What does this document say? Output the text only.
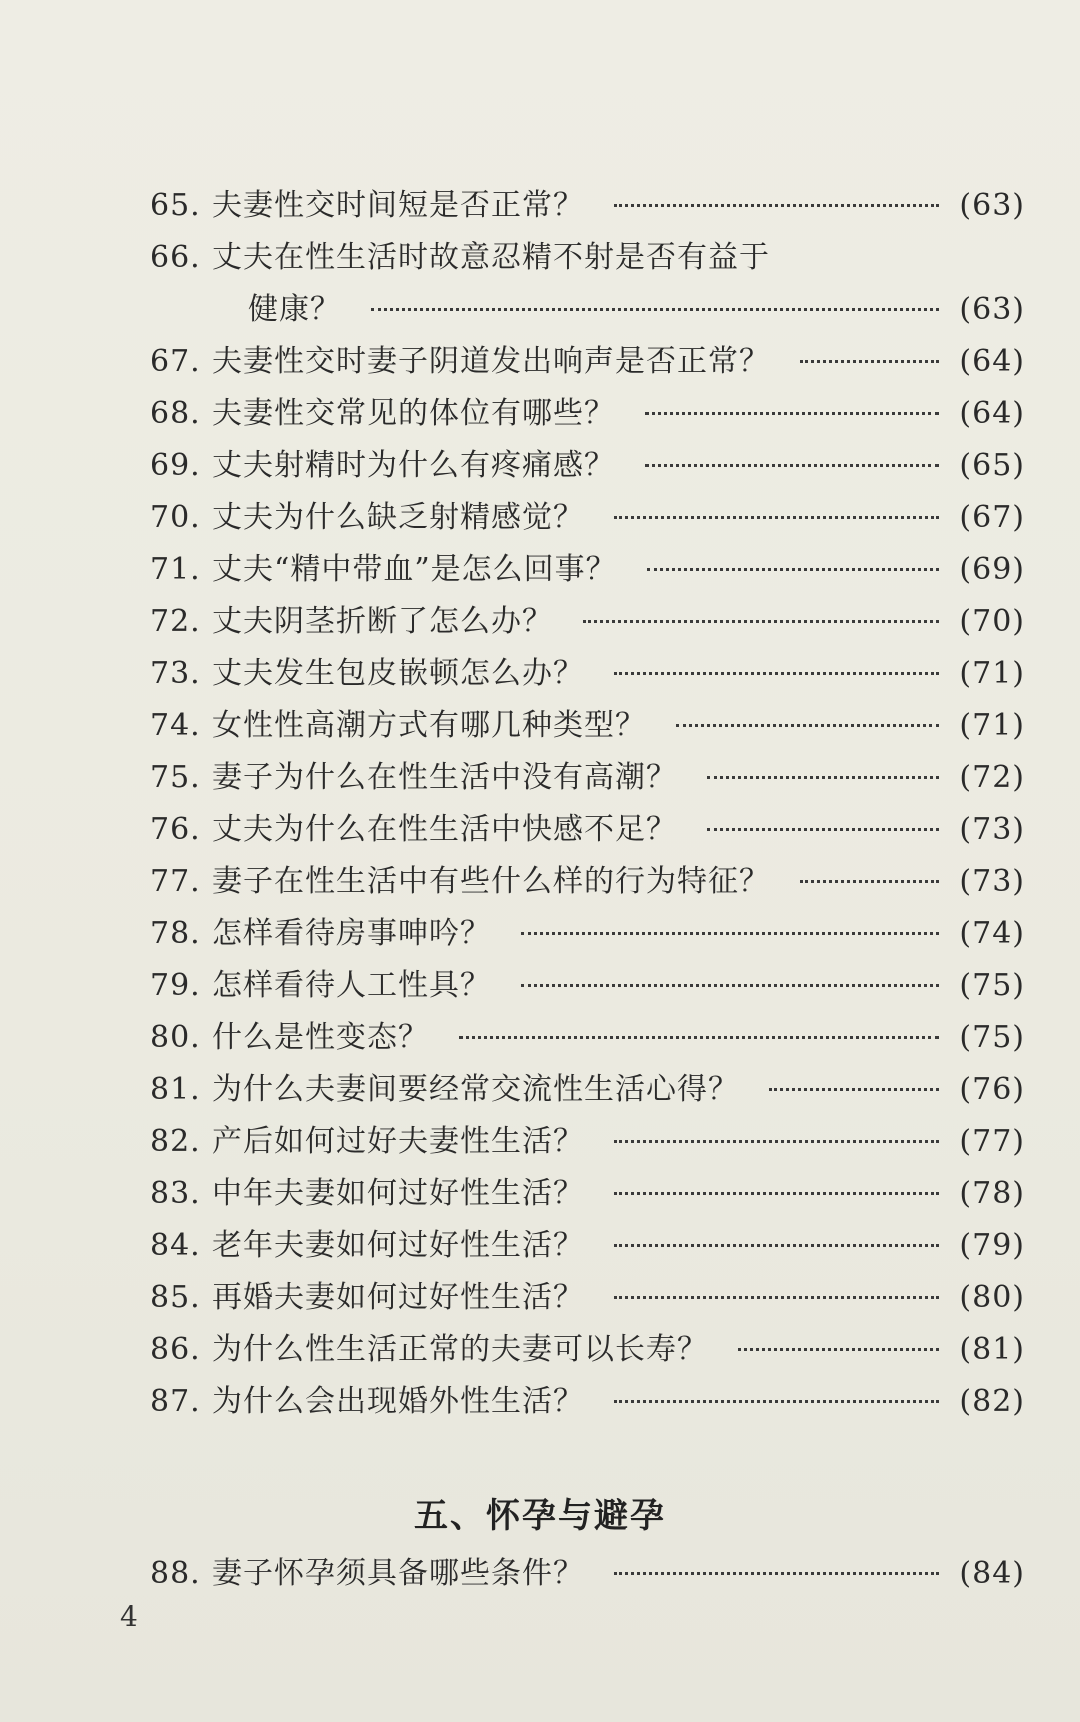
65. 夫妻性交时间短是否正常？	(63)
66. 丈夫在性生活时故意忍精不射是否有益于
健康？	(63)
67. 夫妻性交时妻子阴道发出响声是否正常？	(64)
68. 夫妻性交常见的体位有哪些？	(64)
69. 丈夫射精时为什么有疼痛感？	(65)
70. 丈夫为什么缺乏射精感觉？	(67)
71. 丈夫“精中带血”是怎么回事？	(69)
72. 丈夫阴茎折断了怎么办？	(70)
73. 丈夫发生包皮嵌顿怎么办？	(71)
74. 女性性高潮方式有哪几种类型？	(71)
75. 妻子为什么在性生活中没有高潮？	(72)
76. 丈夫为什么在性生活中快感不足？	(73)
77. 妻子在性生活中有些什么样的行为特征？	(73)
78. 怎样看待房事呻吟？	(74)
79. 怎样看待人工性具？	(75)
80. 什么是性变态？	(75)
81. 为什么夫妻间要经常交流性生活心得？	(76)
82. 产后如何过好夫妻性生活？	(77)
83. 中年夫妻如何过好性生活？	(78)
84. 老年夫妻如何过好性生活？	(79)
85. 再婚夫妻如何过好性生活？	(80)
86. 为什么性生活正常的夫妻可以长寿？	(81)
87. 为什么会出现婚外性生活？	(82)
五、怀孕与避孕
88. 妻子怀孕须具备哪些条件？	(84)
4
